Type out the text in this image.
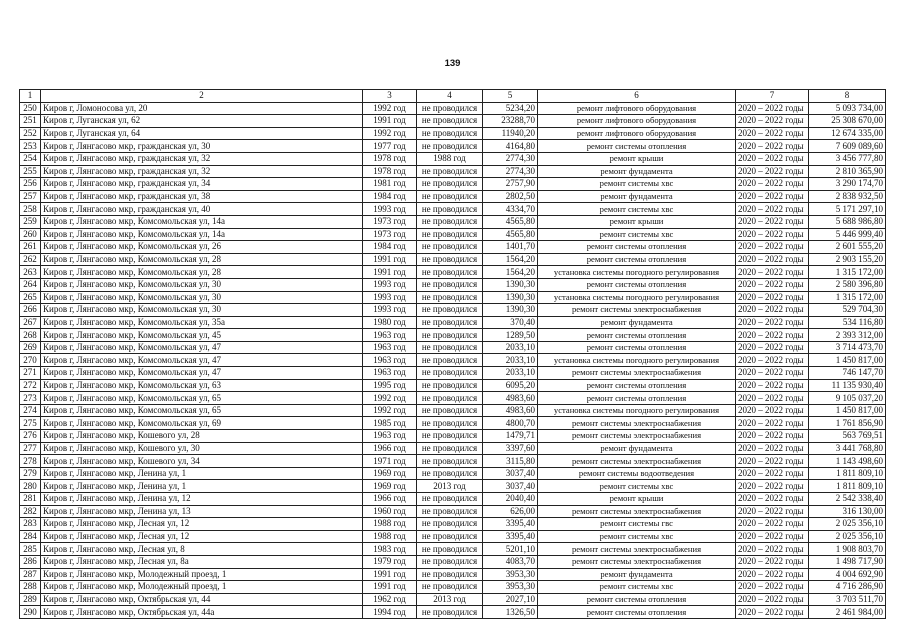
139
1	2	3	4	5	6	7	8
250	Киров г, Ломоносова ул, 20	1992 год	не проводился	5234,20	ремонт лифтового оборудования	2020 – 2022 годы	5 093 734,00
251	Киров г, Луганская ул, 62	1991 год	не проводился	23288,70	ремонт лифтового оборудования	2020 – 2022 годы	25 308 670,00
252	Киров г, Луганская ул, 64	1992 год	не проводился	11940,20	ремонт лифтового оборудования	2020 – 2022 годы	12 674 335,00
253	Киров г, Лянгасово мкр, гражданская ул, 30	1977 год	не проводился	4164,80	ремонт системы отопления	2020 – 2022 годы	7 609 089,60
254	Киров г, Лянгасово мкр, гражданская ул, 32	1978 год	1988 год	2774,30	ремонт крыши	2020 – 2022 годы	3 456 777,80
255	Киров г, Лянгасово мкр, гражданская ул, 32	1978 год	не проводился	2774,30	ремонт фундамента	2020 – 2022 годы	2 810 365,90
256	Киров г, Лянгасово мкр, гражданская ул, 34	1981 год	не проводился	2757,90	ремонт системы хвс	2020 – 2022 годы	3 290 174,70
257	Киров г, Лянгасово мкр, гражданская ул, 38	1984 год	не проводился	2802,50	ремонт фундамента	2020 – 2022 годы	2 838 932,50
258	Киров г, Лянгасово мкр, гражданская ул, 40	1993 год	не проводился	4334,70	ремонт системы хвс	2020 – 2022 годы	5 171 297,10
259	Киров г, Лянгасово мкр, Комсомольская ул, 14а	1973 год	не проводился	4565,80	ремонт крыши	2020 – 2022 годы	5 688 986,80
260	Киров г, Лянгасово мкр, Комсомольская ул, 14а	1973 год	не проводился	4565,80	ремонт системы хвс	2020 – 2022 годы	5 446 999,40
261	Киров г, Лянгасово мкр, Комсомольская ул, 26	1984 год	не проводился	1401,70	ремонт системы отопления	2020 – 2022 годы	2 601 555,20
262	Киров г, Лянгасово мкр, Комсомольская ул, 28	1991 год	не проводился	1564,20	ремонт системы отопления	2020 – 2022 годы	2 903 155,20
263	Киров г, Лянгасово мкр, Комсомольская ул, 28	1991 год	не проводился	1564,20	установка системы погодного регулирования	2020 – 2022 годы	1 315 172,00
264	Киров г, Лянгасово мкр, Комсомольская ул, 30	1993 год	не проводился	1390,30	ремонт системы отопления	2020 – 2022 годы	2 580 396,80
265	Киров г, Лянгасово мкр, Комсомольская ул, 30	1993 год	не проводился	1390,30	установка системы погодного регулирования	2020 – 2022 годы	1 315 172,00
266	Киров г, Лянгасово мкр, Комсомольская ул, 30	1993 год	не проводился	1390,30	ремонт системы электроснабжения	2020 – 2022 годы	529 704,30
267	Киров г, Лянгасово мкр, Комсомольская ул, 35а	1980 год	не проводился	370,40	ремонт фундамента	2020 – 2022 годы	534 116,80
268	Киров г, Лянгасово мкр, Комсомольская ул, 45	1963 год	не проводился	1289,50	ремонт системы отопления	2020 – 2022 годы	2 393 312,00
269	Киров г, Лянгасово мкр, Комсомольская ул, 47	1963 год	не проводился	2033,10	ремонт системы отопления	2020 – 2022 годы	3 714 473,70
270	Киров г, Лянгасово мкр, Комсомольская ул, 47	1963 год	не проводился	2033,10	установка системы погодного регулирования	2020 – 2022 годы	1 450 817,00
271	Киров г, Лянгасово мкр, Комсомольская ул, 47	1963 год	не проводился	2033,10	ремонт системы электроснабжения	2020 – 2022 годы	746 147,70
272	Киров г, Лянгасово мкр, Комсомольская ул, 63	1995 год	не проводился	6095,20	ремонт системы отопления	2020 – 2022 годы	11 135 930,40
273	Киров г, Лянгасово мкр, Комсомольская ул, 65	1992 год	не проводился	4983,60	ремонт системы отопления	2020 – 2022 годы	9 105 037,20
274	Киров г, Лянгасово мкр, Комсомольская ул, 65	1992 год	не проводился	4983,60	установка системы погодного регулирования	2020 – 2022 годы	1 450 817,00
275	Киров г, Лянгасово мкр, Комсомольская ул, 69	1985 год	не проводился	4800,70	ремонт системы электроснабжения	2020 – 2022 годы	1 761 856,90
276	Киров г, Лянгасово мкр, Кошевого ул, 28	1963 год	не проводился	1479,71	ремонт системы электроснабжения	2020 – 2022 годы	563 769,51
277	Киров г, Лянгасово мкр, Кошевого ул, 30	1966 год	не проводился	3397,60	ремонт фундамента	2020 – 2022 годы	3 441 768,80
278	Киров г, Лянгасово мкр, Кошевого ул, 34	1971 год	не проводился	3115,80	ремонт системы электроснабжения	2020 – 2022 годы	1 143 498,60
279	Киров г, Лянгасово мкр, Ленина ул, 1	1969 год	не проводился	3037,40	ремонт системы водоотведения	2020 – 2022 годы	1 811 809,10
280	Киров г, Лянгасово мкр, Ленина ул, 1	1969 год	2013 год	3037,40	ремонт системы хвс	2020 – 2022 годы	1 811 809,10
281	Киров г, Лянгасово мкр, Ленина ул, 12	1966 год	не проводился	2040,40	ремонт крыши	2020 – 2022 годы	2 542 338,40
282	Киров г, Лянгасово мкр, Ленина ул, 13	1960 год	не проводился	626,00	ремонт системы электроснабжения	2020 – 2022 годы	316 130,00
283	Киров г, Лянгасово мкр, Лесная ул, 12	1988 год	не проводился	3395,40	ремонт системы гвс	2020 – 2022 годы	2 025 356,10
284	Киров г, Лянгасово мкр, Лесная ул, 12	1988 год	не проводился	3395,40	ремонт системы хвс	2020 – 2022 годы	2 025 356,10
285	Киров г, Лянгасово мкр, Лесная ул, 8	1983 год	не проводился	5201,10	ремонт системы электроснабжения	2020 – 2022 годы	1 908 803,70
286	Киров г, Лянгасово мкр, Лесная ул, 8а	1979 год	не проводился	4083,70	ремонт системы электроснабжения	2020 – 2022 годы	1 498 717,90
287	Киров г, Лянгасово мкр, Молодежный проезд, 1	1991 год	не проводился	3953,30	ремонт фундамента	2020 – 2022 годы	4 004 692,90
288	Киров г, Лянгасово мкр, Молодежный проезд, 1	1991 год	не проводился	3953,30	ремонт системы хвс	2020 – 2022 годы	4 716 286,90
289	Киров г, Лянгасово мкр, Октябрьская ул, 44	1962 год	2013 год	2027,10	ремонт системы отопления	2020 – 2022 годы	3 703 511,70
290	Киров г, Лянгасово мкр, Октябрьская ул, 44а	1994 год	не проводился	1326,50	ремонт системы отопления	2020 – 2022 годы	2 461 984,00
